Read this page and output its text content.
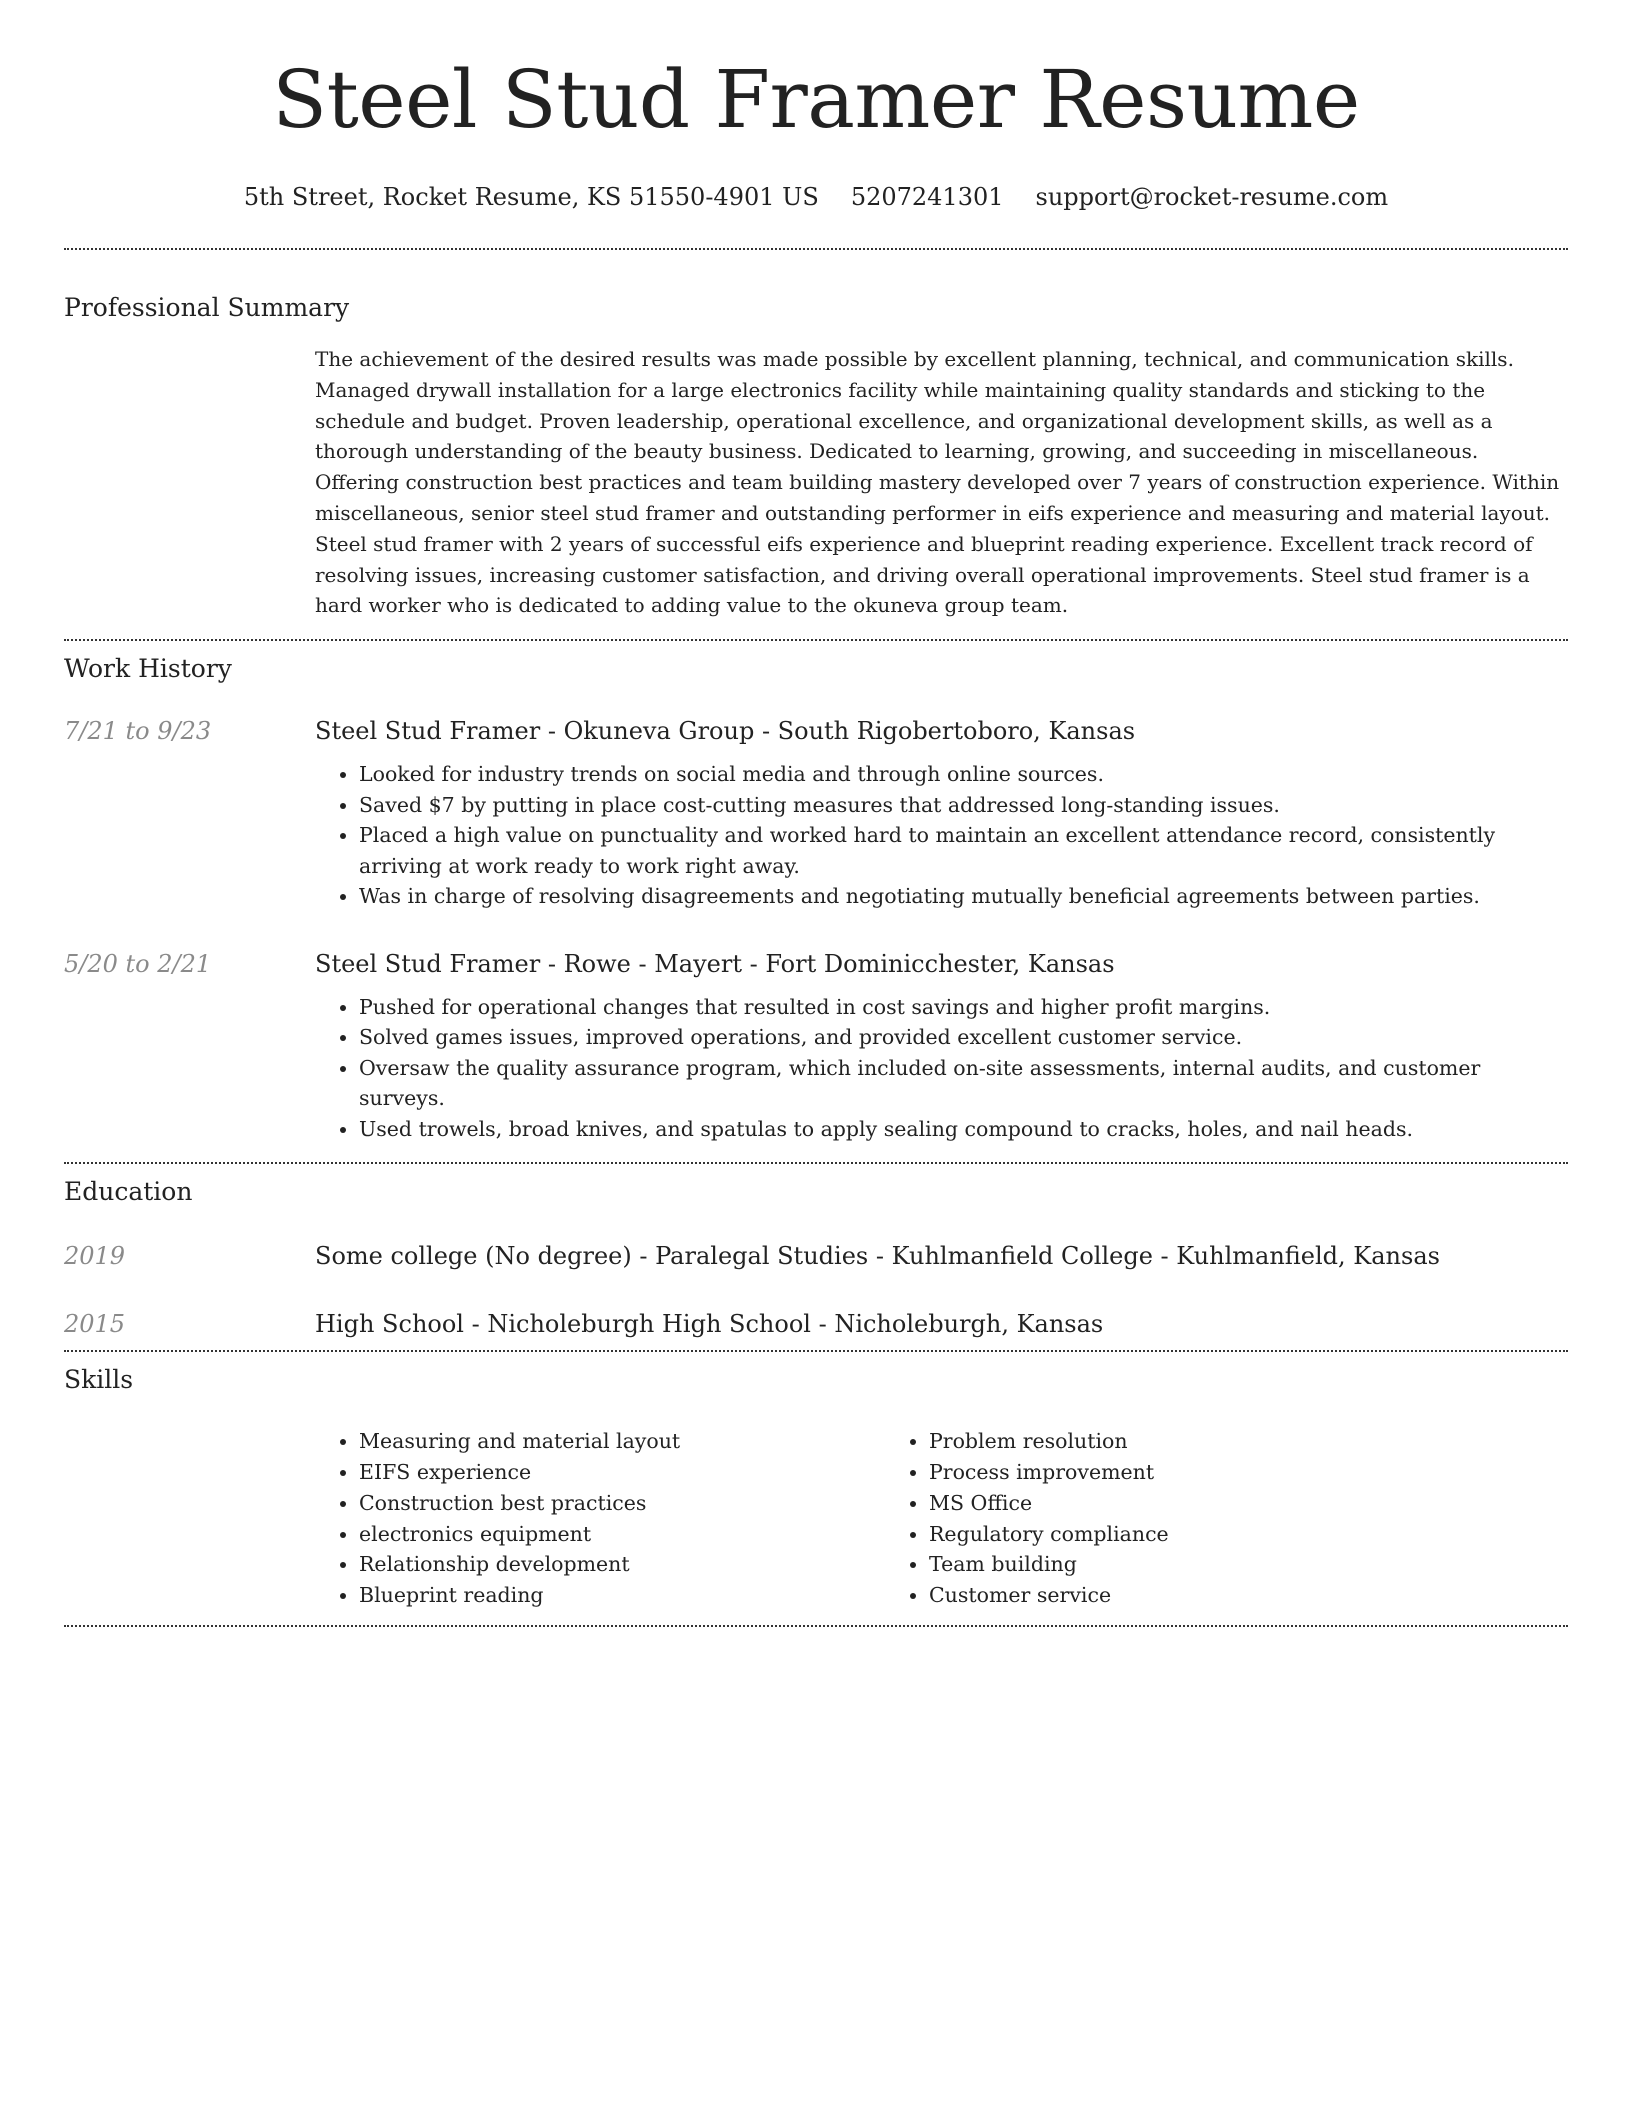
Steel Stud Framer Resume
5th Street, Rocket Resume, KS 51550-4901 US 5207241301 support@rocket-resume.com
Professional Summary

The achievement of the desired results was made possible by excellent planning, technical, and communication skills. Managed drywall installation for a large electronics facility while maintaining quality standards and sticking to the schedule and budget. Proven leadership, operational excellence, and organizational development skills, as well as a thorough understanding of the beauty business. Dedicated to learning, growing, and succeeding in miscellaneous. Offering construction best practices and team building mastery developed over 7 years of construction experience. Within miscellaneous, senior steel stud framer and outstanding performer in eifs experience and measuring and material layout. Steel stud framer with 2 years of successful eifs experience and blueprint reading experience. Excellent track record of resolving issues, increasing customer satisfaction, and driving overall operational improvements. Steel stud framer is a hard worker who is dedicated to adding value to the okuneva group team.

Work History
7/21 to 9/23	Steel Stud Framer - Okuneva Group - South Rigobertoboro, Kansas
• Looked for industry trends on social media and through online sources.
• Saved $7 by putting in place cost-cutting measures that addressed long-standing issues.
• Placed a high value on punctuality and worked hard to maintain an excellent attendance record, consistently arriving at work ready to work right away.
• Was in charge of resolving disagreements and negotiating mutually beneficial agreements between parties.
5/20 to 2/21	Steel Stud Framer - Rowe - Mayert - Fort Dominicchester, Kansas
• Pushed for operational changes that resulted in cost savings and higher profit margins.
• Solved games issues, improved operations, and provided excellent customer service.
• Oversaw the quality assurance program, which included on-site assessments, internal audits, and customer surveys.
• Used trowels, broad knives, and spatulas to apply sealing compound to cracks, holes, and nail heads.
Education
2019	Some college (No degree) - Paralegal Studies - Kuhlmanfield College - Kuhlmanfield, Kansas
2015	High School - Nicholeburgh High School - Nicholeburgh, Kansas
Skills
• Measuring and material layout
• EIFS experience
• Construction best practices
• electronics equipment
• Relationship development
• Blueprint reading
• Problem resolution
• Process improvement
• MS Office
• Regulatory compliance
• Team building
• Customer service
